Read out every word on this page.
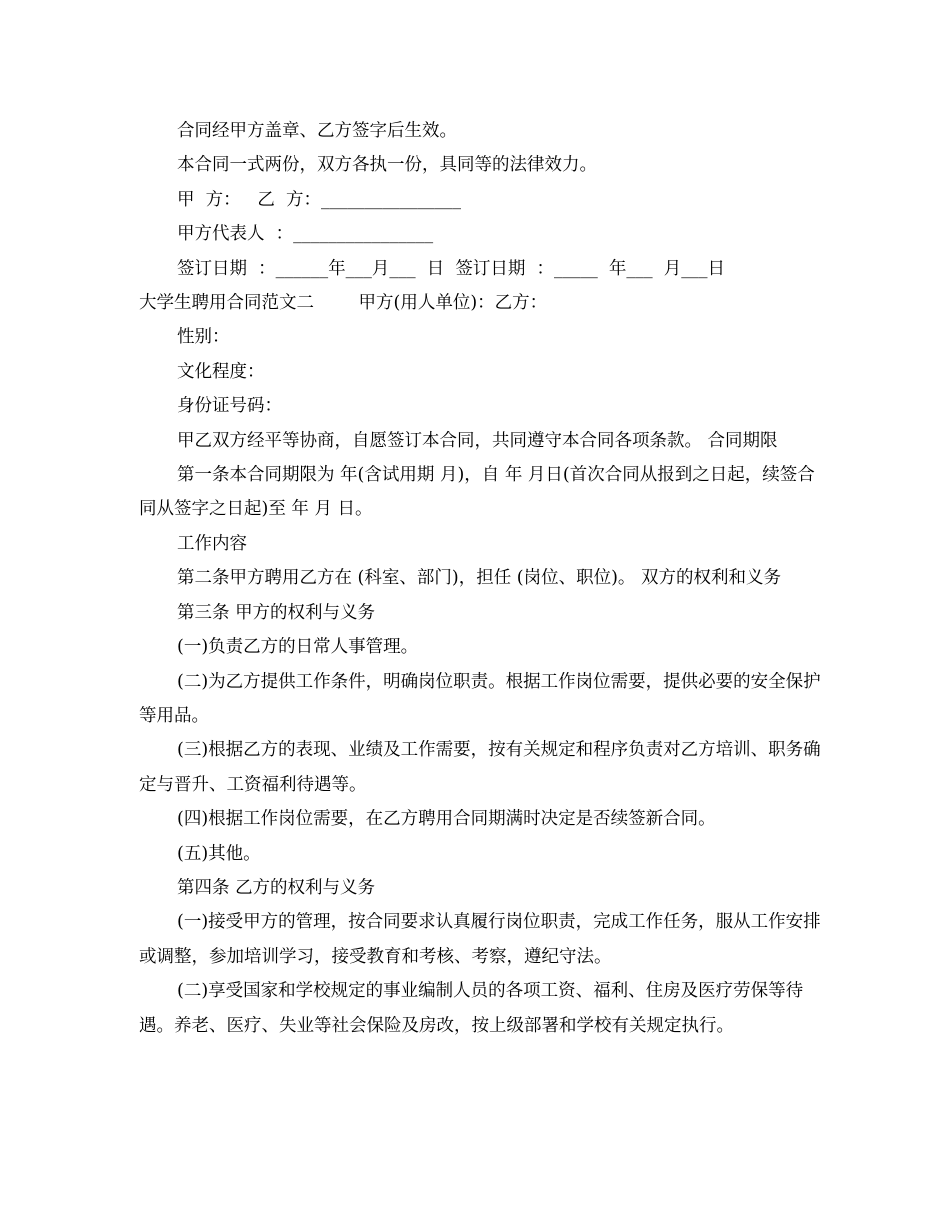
合同经甲方盖章、乙方签字后生效。

本合同一式两份，双方各执一份，具同等的法律效力。

甲  方：   乙  方：________________

甲方代表人  ：________________

签订日期  ：______年___月___  日  签订日期  ：_____  年___  月___日

大学生聘用合同范文二        甲方(用人单位)：乙方：

性别：

文化程度：

身份证号码：

甲乙双方经平等协商，自愿签订本合同，共同遵守本合同各项条款。 合同期限

第一条本合同期限为 年(含试用期 月)，自 年 月日(首次合同从报到之日起，续签合同从签字之日起)至 年 月 日。

工作内容

第二条甲方聘用乙方在 (科室、部门)，担任 (岗位、职位)。 双方的权利和义务

第三条 甲方的权利与义务

(一)负责乙方的日常人事管理。

(二)为乙方提供工作条件，明确岗位职责。根据工作岗位需要，提供必要的安全保护等用品。

(三)根据乙方的表现、业绩及工作需要，按有关规定和程序负责对乙方培训、职务确定与晋升、工资福利待遇等。

(四)根据工作岗位需要，在乙方聘用合同期满时决定是否续签新合同。

(五)其他。

第四条 乙方的权利与义务

(一)接受甲方的管理，按合同要求认真履行岗位职责，完成工作任务，服从工作安排或调整，参加培训学习，接受教育和考核、考察，遵纪守法。

(二)享受国家和学校规定的事业编制人员的各项工资、福利、住房及医疗劳保等待遇。养老、医疗、失业等社会保险及房改，按上级部署和学校有关规定执行。
